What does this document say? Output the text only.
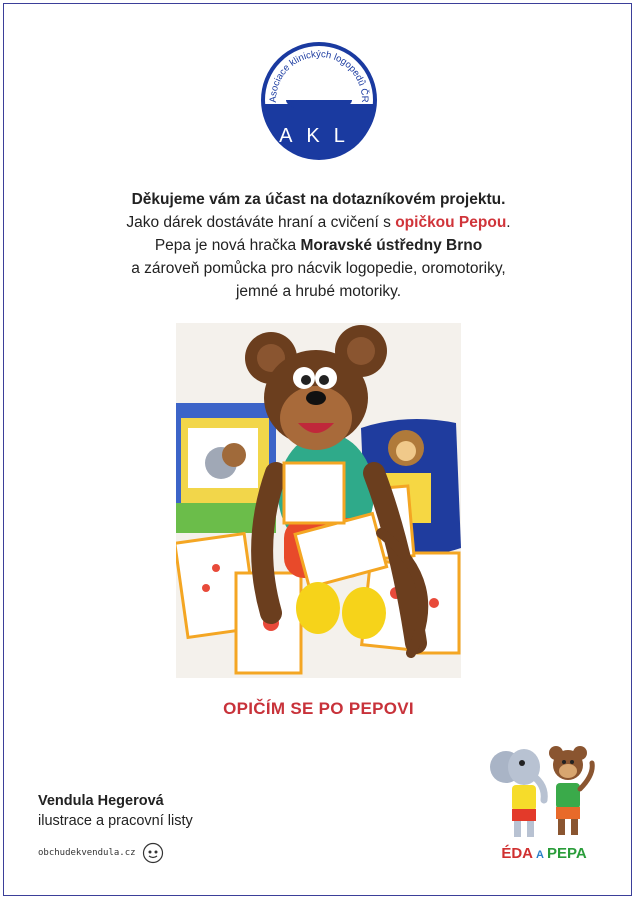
Asociace klinických logopedů ČR
AKL
Děkujeme vám za účast na dotazníkovém projektu.
Jako dárek dostáváte hraní a cvičení s opičkou Pepou.
Pepa je nová hračka Moravské ústředny Brno
a zároveň pomůcka pro nácvik logopedie, oromotoriky,
jemné a hrubé motoriky.
OPIČÍM SE PO PEPOVI
Vendula Hegerová
ilustrace a pracovní listy
obchudekvendula.cz	ÉDA A PEPA
